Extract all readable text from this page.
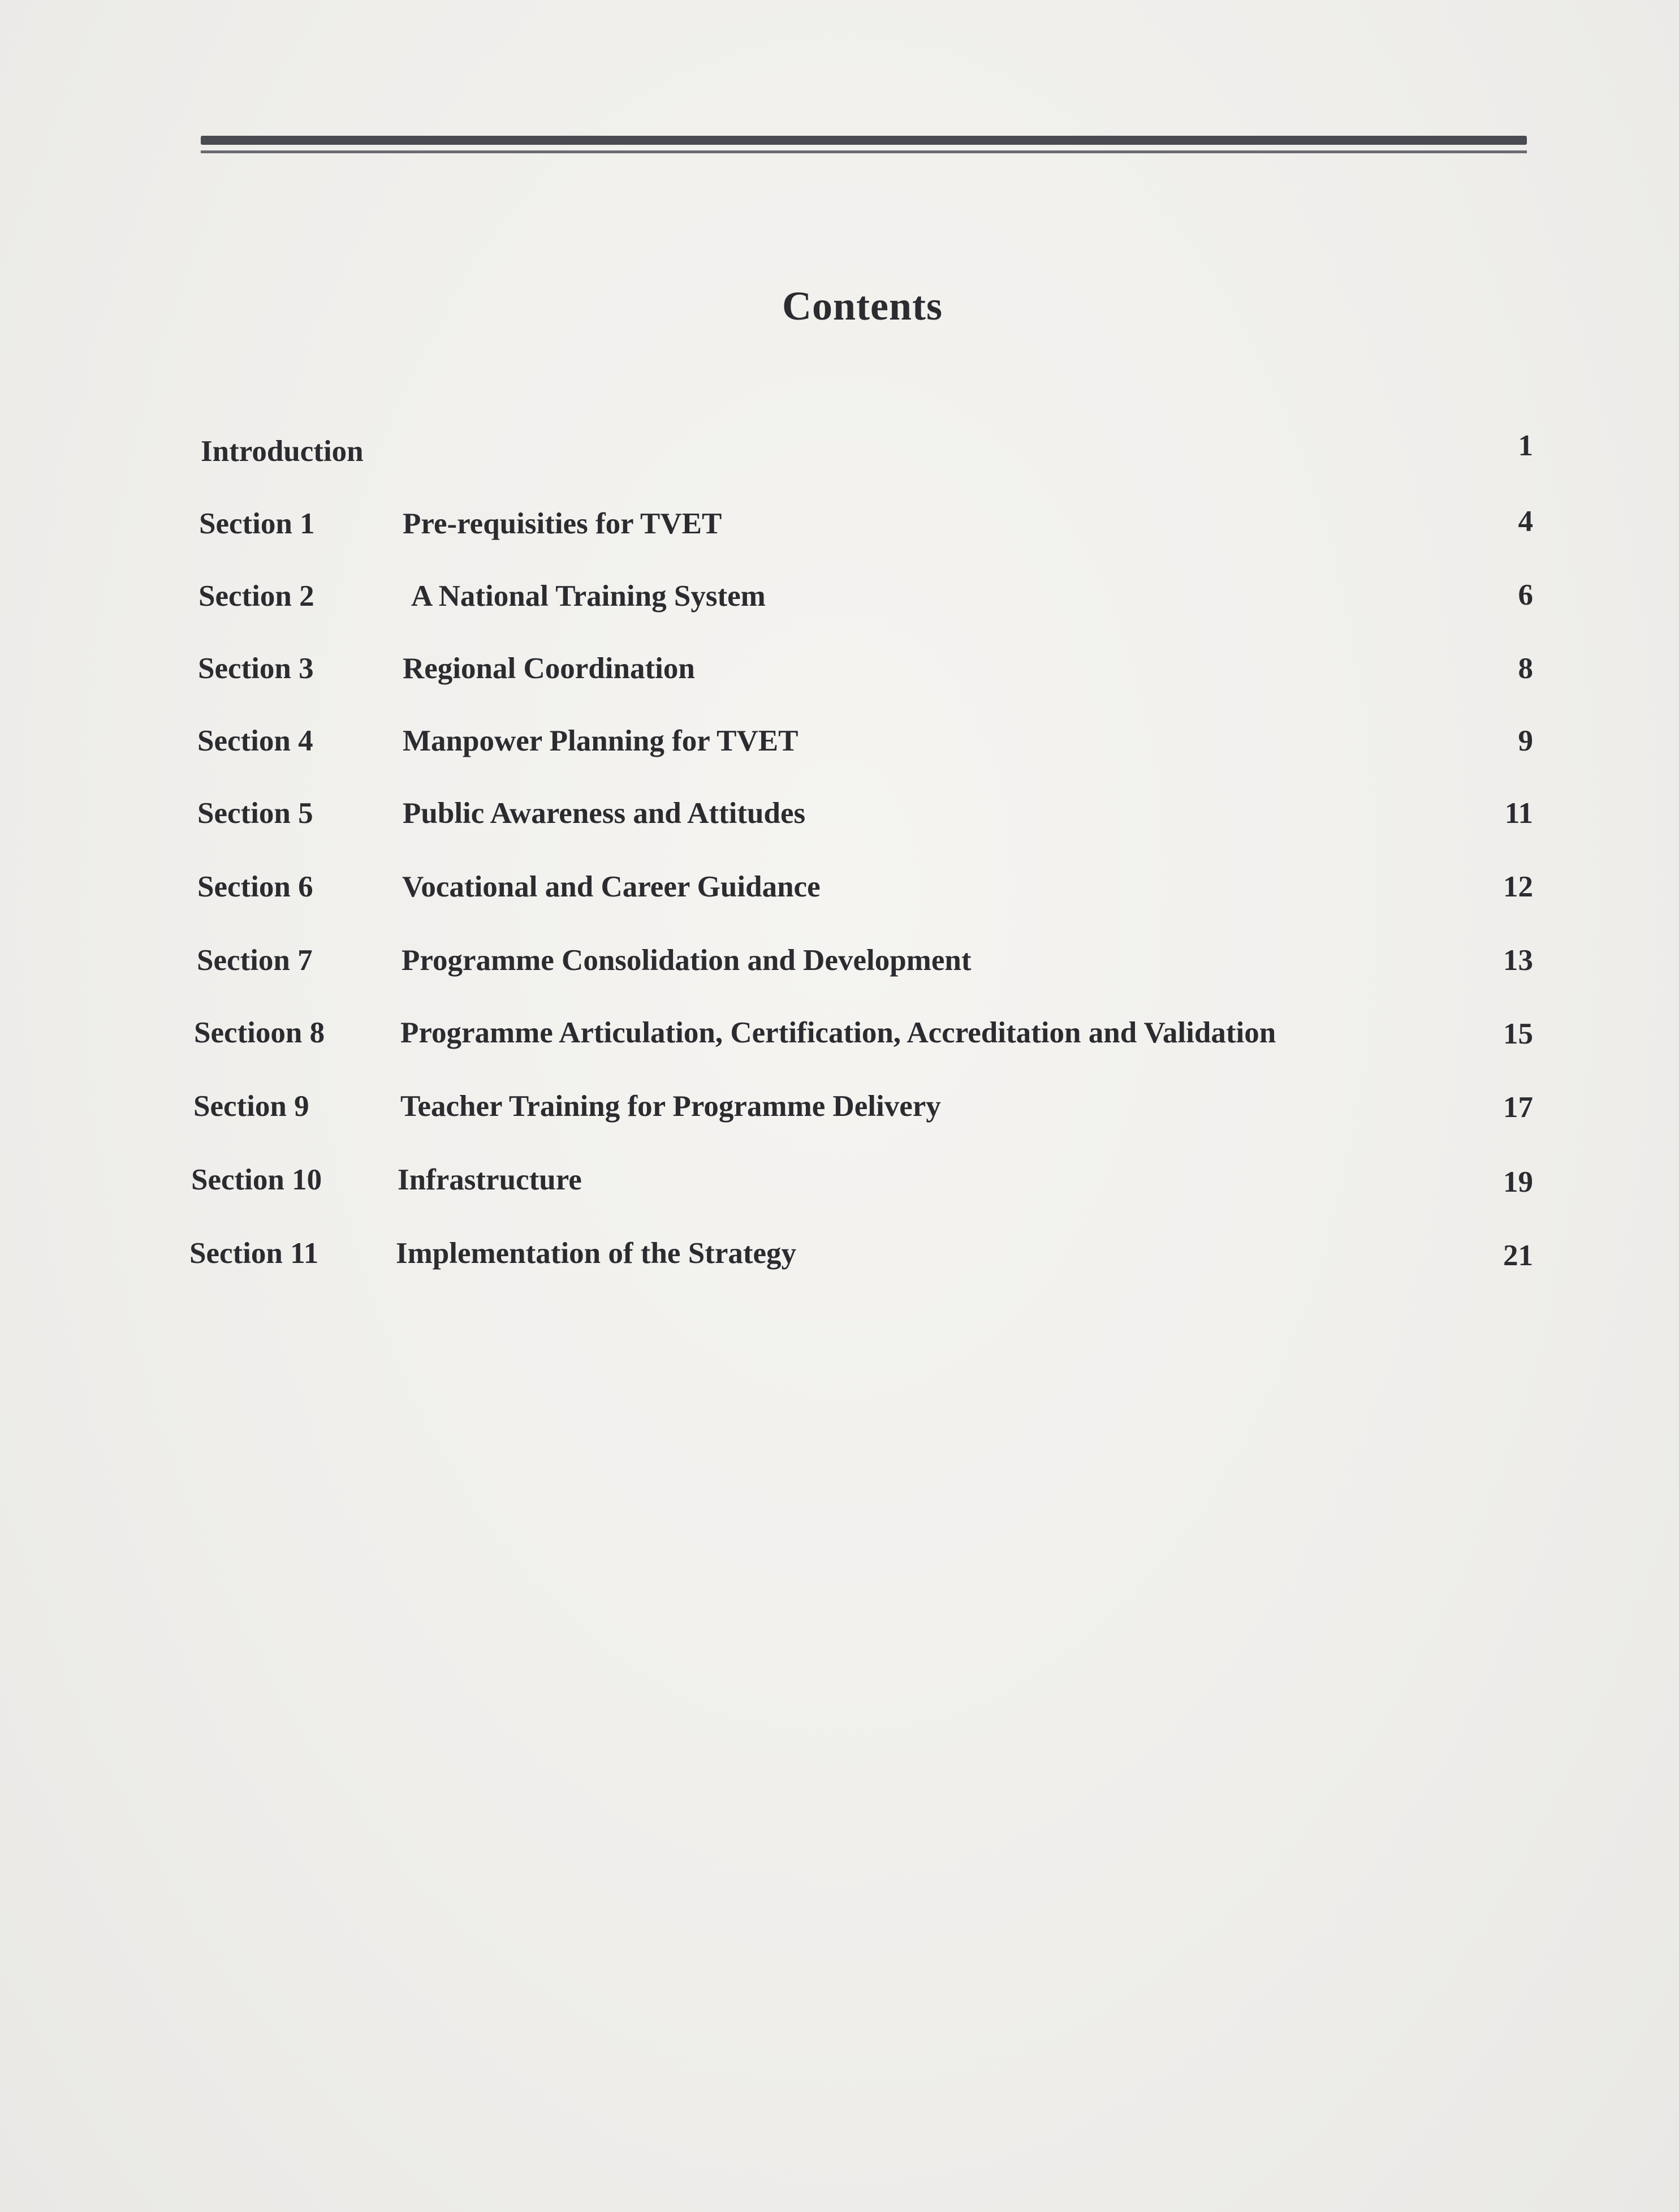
Contents
Introduction	1
Section 1	Pre-requisities for TVET	4
Section 2	A National Training System	6
Section 3	Regional Coordination	8
Section 4	Manpower Planning for TVET	9
Section 5	Public Awareness and Attitudes	11
Section 6	Vocational and Career Guidance	12
Section 7	Programme Consolidation and Development	13
Sectioon 8	Programme Articulation, Certification, Accreditation and Validation	15
Section 9	Teacher Training for Programme Delivery	17
Section 10	Infrastructure	19
Section 11	Implementation of the Strategy	21
